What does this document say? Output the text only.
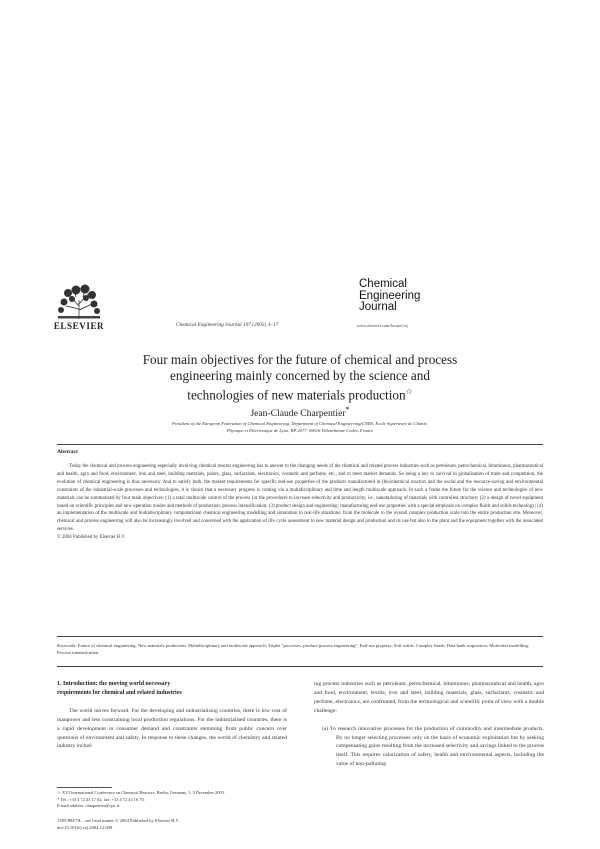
ELSEVIER	Chemical Engineering Journal 107 (2005) 3–17
Chemical
Engineering
Journal
www.elsevier.com/locate/cej
Four main objectives for the future of chemical and process
engineering mainly concerned by the science and
technologies of new materials production☆
Jean-Claude Charpentier*
President of the European Federation of Chemical Engineering, Department of Chemical Engineering/CNRS, Ecole Supérieure de Chimie,
Physique et Electronique de Lyon, BP 2077, 69616 Villeurbanne Cedex, France
Abstract

Today the chemical and process engineering especially involving chemical reactor engineering has to answer to the changing needs of the chemical and related process industries such as petroleum, petrochemical, bituminous, pharmaceutical and health, agro and food, environment, iron and steel, building materials, paints, glass, surfactants, electronics, cosmetic and perfume, etc., and to meet market demands. So being a key to survival in globalisation of trade and competition, the evolution of chemical engineering is thus necessary. And to satisfy both, the market requirements for specific end-use properties of the products manufactured in (bio)chemical reactors and the social and the resource-saving and environmental constraints of the industrial-scale processes and technologies, it is shown that a necessary progress is coming via a multidisciplinary and time and length multiscale approach. In such a frame the future for the science and technologies of new materials can be summarized by four main objectives: (1) a total multiscale control of the process (or the procedure) to increase selectivity and productivity, i.e., nanotailoring of materials with controlled structure; (2) a design of novel equipment based on scientific principles and new operation modes and methods of production: process intensification; (3) product design and engineering: manufacturing end-use properties with a special emphasis on complex fluids and solids technology; (4) an implementation of the multiscale and multidisciplinary computational chemical engineering modelling and simulation to real-life situations: from the molecule to the overall complex production scale into the entire production site. Moreover, chemical and process engineering will also be increasingly involved and concerned with the application of life cycle assessment to new material design and production and its use but also to the plant and the equipment together with the associated services.

© 2004 Published by Elsevier B.V.
Keywords: Future of chemical engineering; New materials production; Multidisciplinary and multiscale approach; Triplet "processes–product-process engineering"; End-use property; Soft solids; Complex fluids; Data bank acquisition; Molecular modelling; Process intensification
1. Introduction: the moving world necessary
requirements for chemical and related industries

The world moves forward. For the developing and industrialising countries, there is low cost of manpower and less constraining local production regulations. For the industrialised countries, there is a rapid development in consumer demand and constraints stemming from public concern over questions of environment and safety. In response to these changes, the world of chemistry and related industry includ-

ing process industries such as petroleum, petrochemical, bituminous, pharmaceutical and health, agro and food, environment, textile, iron and steel, building materials, glass, surfactants, cosmetic and perfume, electronics, are confronted, from the technological and scientific point of view with a double challenge:

(a) To research innovative processes for the production of commodity and intermediate products. By no longer selecting processes only on the basis of economic exploitation but by seeking compensating gains resulting from the increased selectivity and savings linked to the process itself. This requires valorization of safety, health and environmental aspects, including the value of non-polluting

☆ XVI International Conference on Chemical Reactors, Berlin, Germany, 1–5 December 2003.
* Tel.: +33 4 72 43 17 02; fax: +33 4 72 43 16 70.
E-mail address: charpentier@cpe.fr.
1385-8947/$ – see front matter © 2004 Published by Elsevier B.V.
doi:10.1016/j.cej.2004.12.008
